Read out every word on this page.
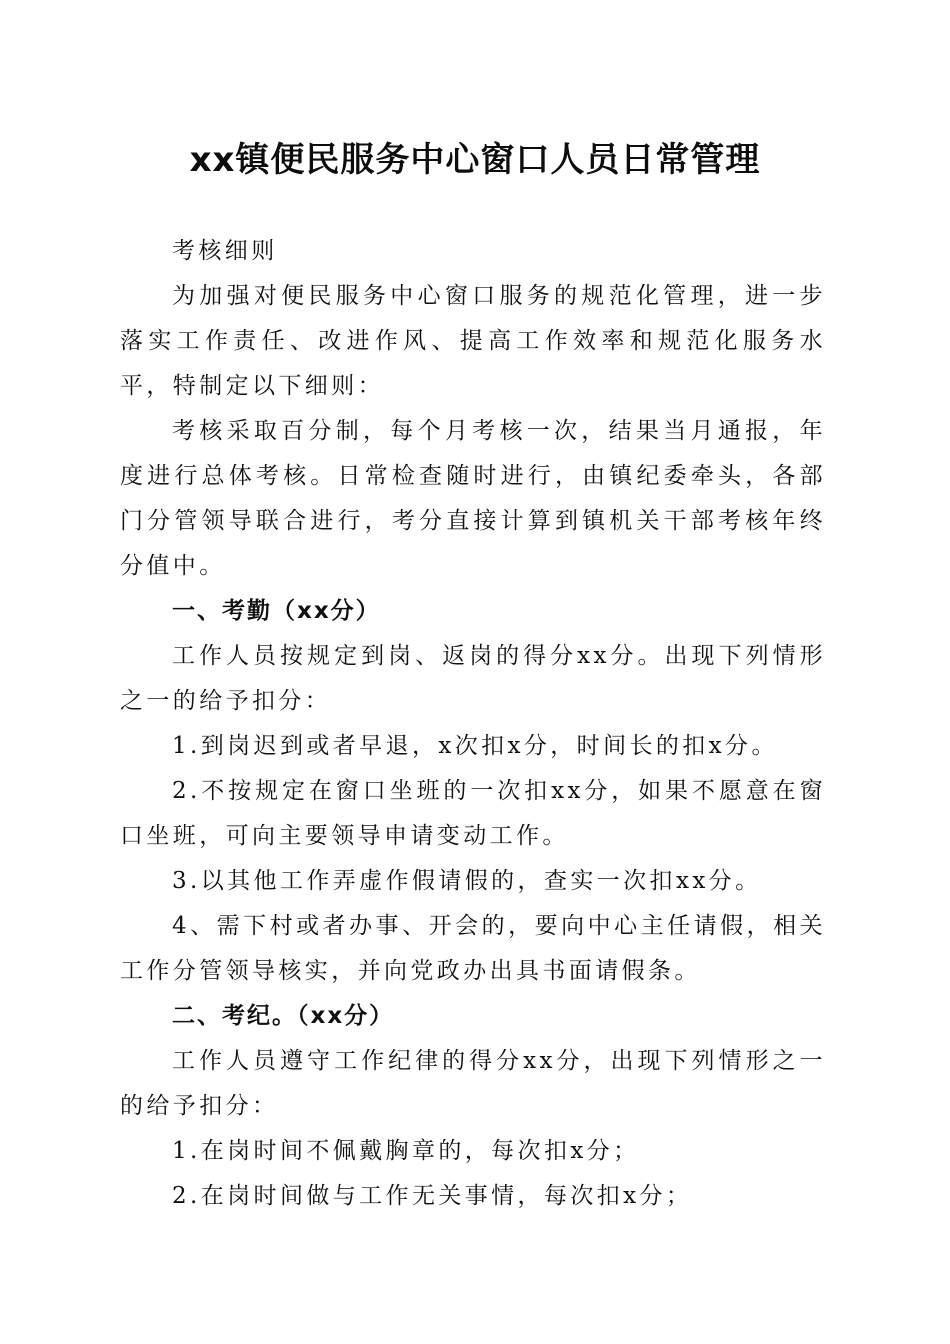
xx镇便民服务中心窗口人员日常管理

考核细则

为加强对便民服务中心窗口服务的规范化管理，进一步落实工作责任、改进作风、提高工作效率和规范化服务水平，特制定以下细则：

考核采取百分制，每个月考核一次，结果当月通报，年度进行总体考核。日常检查随时进行，由镇纪委牵头，各部门分管领导联合进行，考分直接计算到镇机关干部考核年终分值中。

一、考勤（xx分）

工作人员按规定到岗、返岗的得分xx分。出现下列情形之一的给予扣分：

1.到岗迟到或者早退，x次扣x分，时间长的扣x分。

2.不按规定在窗口坐班的一次扣xx分，如果不愿意在窗口坐班，可向主要领导申请变动工作。

3.以其他工作弄虚作假请假的，查实一次扣xx分。

4、需下村或者办事、开会的，要向中心主任请假，相关工作分管领导核实，并向党政办出具书面请假条。

二、考纪。（xx分）

工作人员遵守工作纪律的得分xx分，出现下列情形之一的给予扣分：

1.在岗时间不佩戴胸章的，每次扣x分；

2.在岗时间做与工作无关事情，每次扣x分；
